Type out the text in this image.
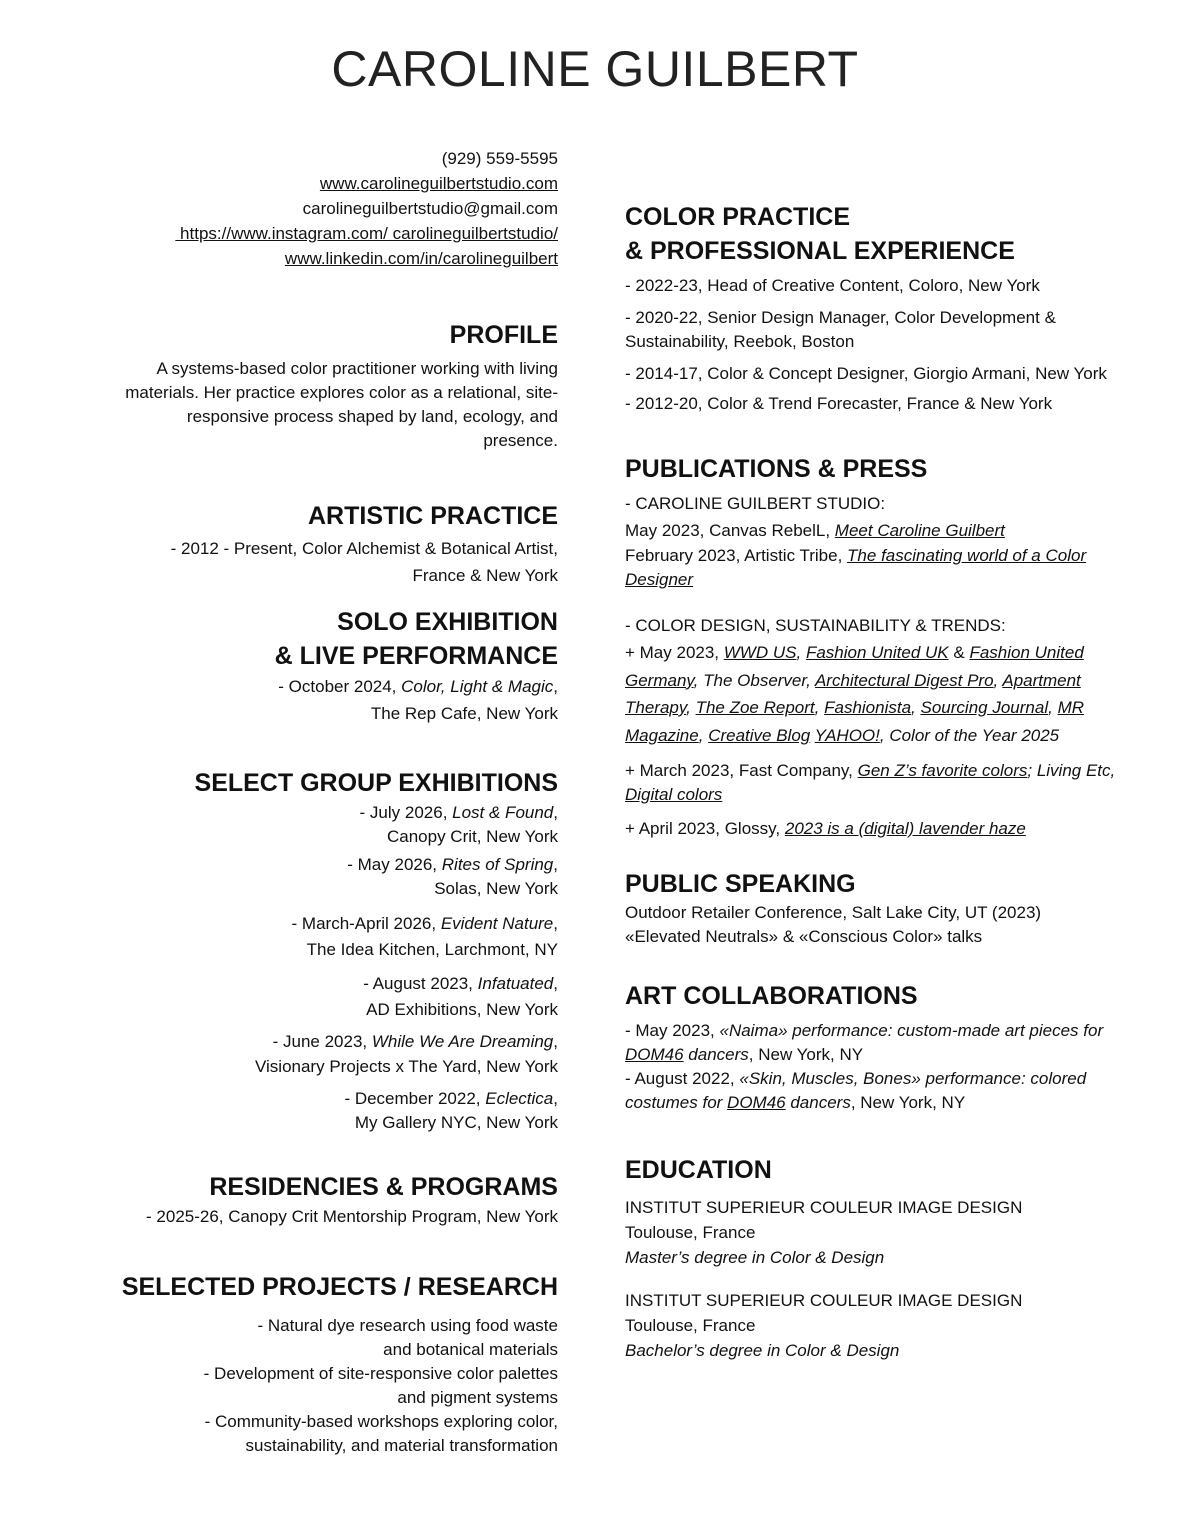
CAROLINE GUILBERT
(929) 559-5595
www.carolineguilbertstudio.com
carolineguilbertstudio@gmail.com
https://www.instagram.com/ carolineguilbertstudio/
www.linkedin.com/in/carolineguilbert
PROFILE
A systems-based color practitioner working with living materials. Her practice explores color as a relational, site-responsive process shaped by land, ecology, and presence.
ARTISTIC PRACTICE
- 2012 - Present, Color Alchemist & Botanical Artist,
France & New York
SOLO EXHIBITION
& LIVE PERFORMANCE
- October 2024, Color, Light & Magic,
The Rep Cafe, New York
SELECT GROUP EXHIBITIONS
- July 2026, Lost & Found,
Canopy Crit, New York
- May 2026, Rites of Spring,
Solas, New York
- March-April 2026, Evident Nature,
The Idea Kitchen, Larchmont, NY
- August 2023, Infatuated,
AD Exhibitions, New York
- June 2023, While We Are Dreaming,
Visionary Projects x The Yard, New York
- December 2022, Eclectica,
My Gallery NYC, New York
RESIDENCIES & PROGRAMS
- 2025-26, Canopy Crit Mentorship Program, New York
SELECTED PROJECTS / RESEARCH
- Natural dye research using food waste
and botanical materials
- Development of site-responsive color palettes
and pigment systems
- Community-based workshops exploring color,
sustainability, and material transformation
COLOR PRACTICE
& PROFESSIONAL EXPERIENCE
- 2022-23, Head of Creative Content, Coloro, New York
- 2020-22, Senior Design Manager, Color Development & Sustainability, Reebok, Boston
- 2014-17, Color & Concept Designer, Giorgio Armani, New York
- 2012-20, Color & Trend Forecaster, France & New York
PUBLICATIONS & PRESS
- CAROLINE GUILBERT STUDIO:
May 2023, Canvas RebelL, Meet Caroline Guilbert
February 2023, Artistic Tribe, The fascinating world of a Color Designer
- COLOR DESIGN, SUSTAINABILITY & TRENDS:
+ May 2023, WWD US, Fashion United UK & Fashion United Germany, The Observer, Architectural Digest Pro, Apartment Therapy, The Zoe Report, Fashionista, Sourcing Journal, MR Magazine, Creative Blog YAHOO!, Color of the Year 2025
+ March 2023, Fast Company, Gen Z’s favorite colors; Living Etc, Digital colors
+ April 2023, Glossy, 2023 is a (digital) lavender haze
PUBLIC SPEAKING
Outdoor Retailer Conference, Salt Lake City, UT (2023)
«Elevated Neutrals» & «Conscious Color» talks
ART COLLABORATIONS
- May 2023, «Naima» performance: custom-made art pieces for DOM46 dancers, New York, NY
- August 2022, «Skin, Muscles, Bones» performance: colored costumes for DOM46 dancers, New York, NY
EDUCATION
INSTITUT SUPERIEUR COULEUR IMAGE DESIGN
Toulouse, France
Master’s degree in Color & Design
INSTITUT SUPERIEUR COULEUR IMAGE DESIGN
Toulouse, France
Bachelor’s degree in Color & Design
